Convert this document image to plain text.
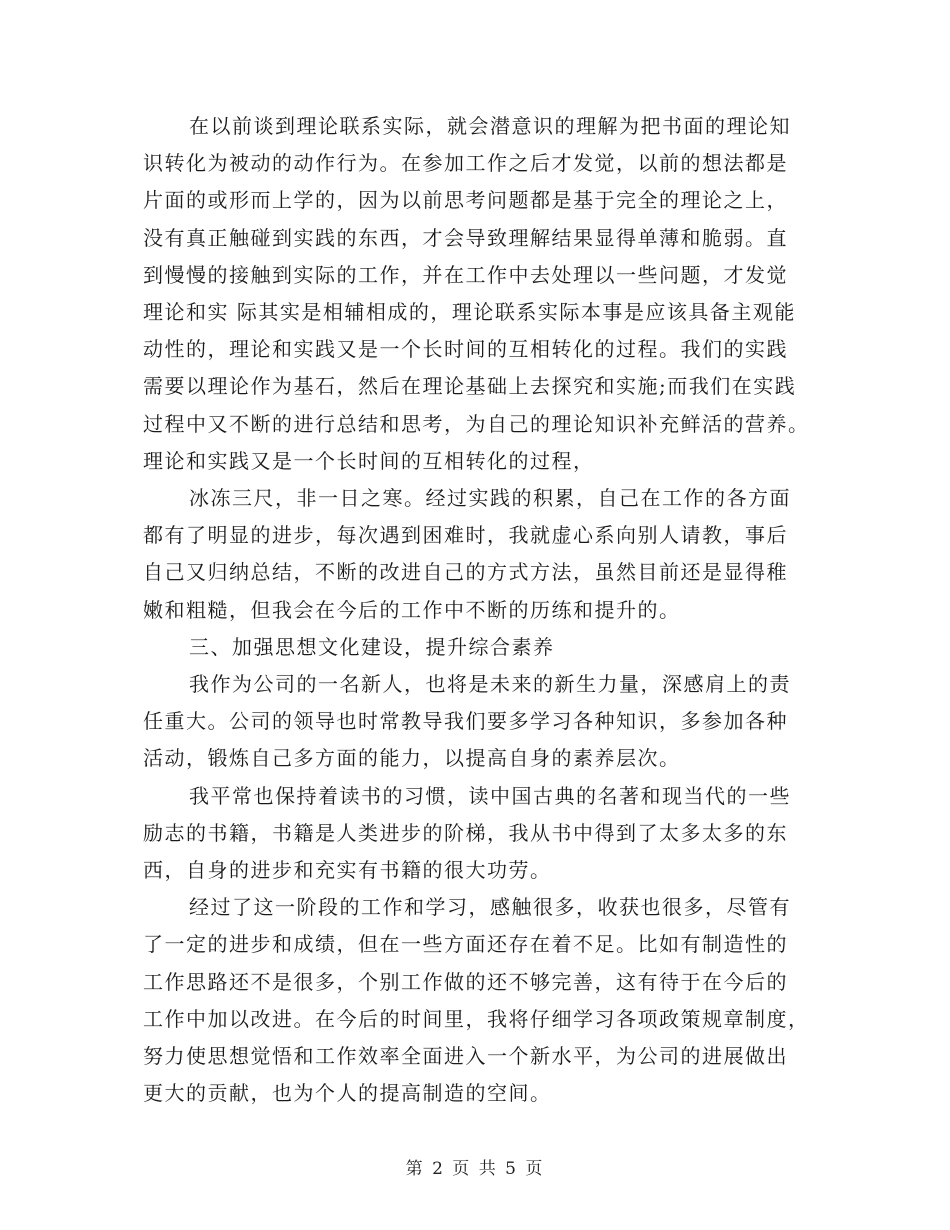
在以前谈到理论联系实际，就会潜意识的理解为把书面的理论知

识转化为被动的动作行为。在参加工作之后才发觉，以前的想法都是

片面的或形而上学的，因为以前思考问题都是基于完全的理论之上，

没有真正触碰到实践的东西，才会导致理解结果显得单薄和脆弱。直

到慢慢的接触到实际的工作，并在工作中去处理以一些问题，才发觉

理论和实 际其实是相辅相成的，理论联系实际本事是应该具备主观能

动性的，理论和实践又是一个长时间的互相转化的过程。我们的实践

需要以理论作为基石，然后在理论基础上去探究和实施;而我们在实践

过程中又不断的进行总结和思考，为自己的理论知识补充鲜活的营养。

理论和实践又是一个长时间的互相转化的过程，

冰冻三尺，非一日之寒。经过实践的积累，自己在工作的各方面

都有了明显的进步，每次遇到困难时，我就虚心系向别人请教，事后

自己又归纳总结，不断的改进自己的方式方法，虽然目前还是显得稚

嫩和粗糙，但我会在今后的工作中不断的历练和提升的。

三、加强思想文化建设，提升综合素养

我作为公司的一名新人，也将是未来的新生力量，深感肩上的责

任重大。公司的领导也时常教导我们要多学习各种知识，多参加各种

活动，锻炼自己多方面的能力，以提高自身的素养层次。

我平常也保持着读书的习惯，读中国古典的名著和现当代的一些

励志的书籍，书籍是人类进步的阶梯，我从书中得到了太多太多的东

西，自身的进步和充实有书籍的很大功劳。

经过了这一阶段的工作和学习，感触很多，收获也很多，尽管有

了一定的进步和成绩，但在一些方面还存在着不足。比如有制造性的

工作思路还不是很多，个别工作做的还不够完善，这有待于在今后的

工作中加以改进。在今后的时间里，我将仔细学习各项政策规章制度，

努力使思想觉悟和工作效率全面进入一个新水平，为公司的进展做出

更大的贡献，也为个人的提高制造的空间。

第 2 页 共 5 页
